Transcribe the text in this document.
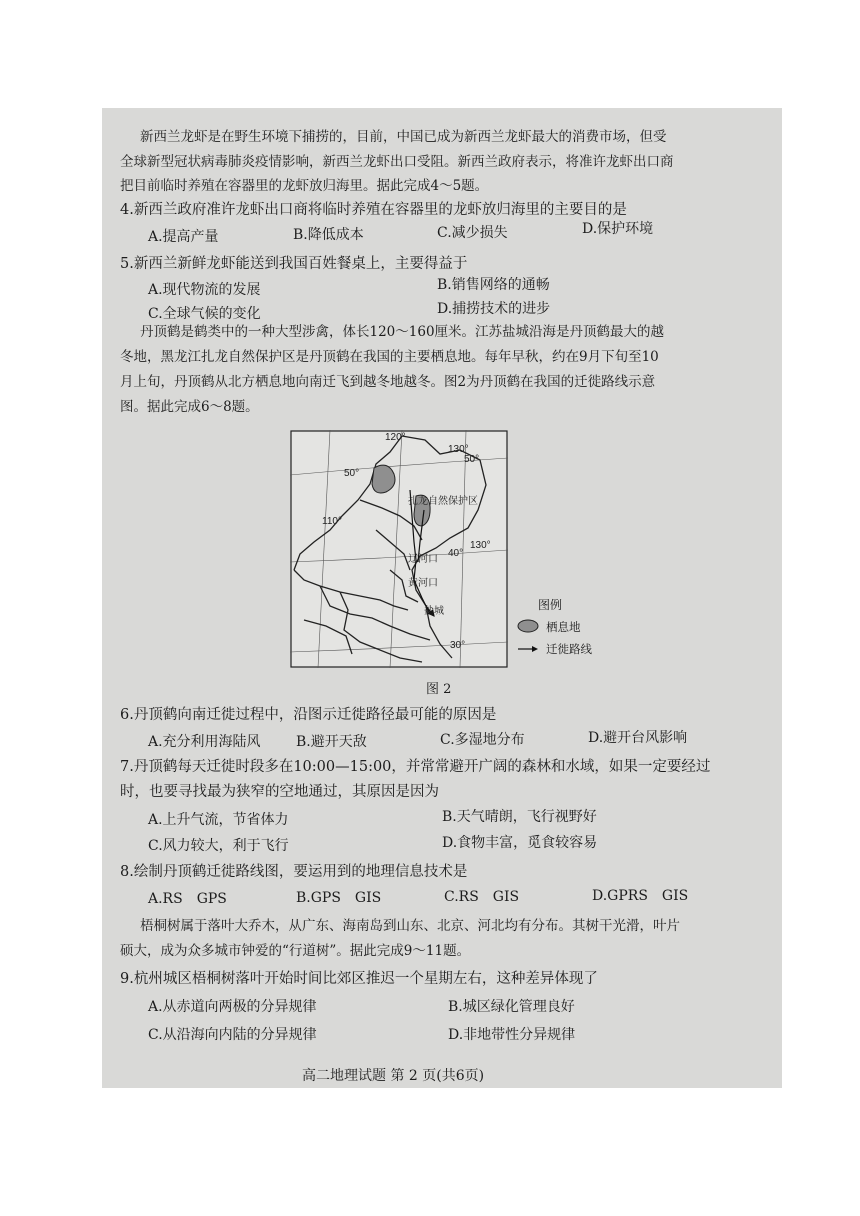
新西兰龙虾是在野生环境下捕捞的，目前，中国已成为新西兰龙虾最大的消费市场，但受
全球新型冠状病毒肺炎疫情影响，新西兰龙虾出口受阻。新西兰政府表示，将准许龙虾出口商
把目前临时养殖在容器里的龙虾放归海里。据此完成4～5题。
4.新西兰政府准许龙虾出口商将临时养殖在容器里的龙虾放归海里的主要目的是
A.提高产量	B.降低成本	C.减少损失	D.保护环境
5.新西兰新鲜龙虾能送到我国百姓餐桌上，主要得益于
A.现代物流的发展	B.销售网络的通畅
C.全球气候的变化	D.捕捞技术的进步
丹顶鹤是鹤类中的一种大型涉禽，体长120～160厘米。江苏盐城沿海是丹顶鹤最大的越
冬地，黑龙江扎龙自然保护区是丹顶鹤在我国的主要栖息地。每年早秋，约在9月下旬至10
月上旬，丹顶鹤从北方栖息地向南迁飞到越冬地越冬。图2为丹顶鹤在我国的迁徙路线示意
图。据此完成6～8题。
120°
130°
50°
50°
110°
40°
130°
30°
扎龙自然保护区
辽河口
黄河口
盐城	图例
栖息地
迁徙路线
图 2
6.丹顶鹤向南迁徙过程中，沿图示迁徙路径最可能的原因是
A.充分利用海陆风	B.避开天敌	C.多湿地分布	D.避开台风影响
7.丹顶鹤每天迁徙时段多在10:00—15:00，并常常避开广阔的森林和水域，如果一定要经过
时，也要寻找最为狭窄的空地通过，其原因是因为
A.上升气流，节省体力	B.天气晴朗，飞行视野好
C.风力较大，利于飞行	D.食物丰富，觅食较容易
8.绘制丹顶鹤迁徙路线图，要运用到的地理信息技术是
A.RS　GPS	B.GPS　GIS	C.RS　GIS	D.GPRS　GIS
梧桐树属于落叶大乔木，从广东、海南岛到山东、北京、河北均有分布。其树干光滑，叶片
硕大，成为众多城市钟爱的“行道树”。据此完成9～11题。
9.杭州城区梧桐树落叶开始时间比郊区推迟一个星期左右，这种差异体现了
A.从赤道向两极的分异规律	B.城区绿化管理良好
C.从沿海向内陆的分异规律	D.非地带性分异规律
高二地理试题 第 2 页(共6页)
